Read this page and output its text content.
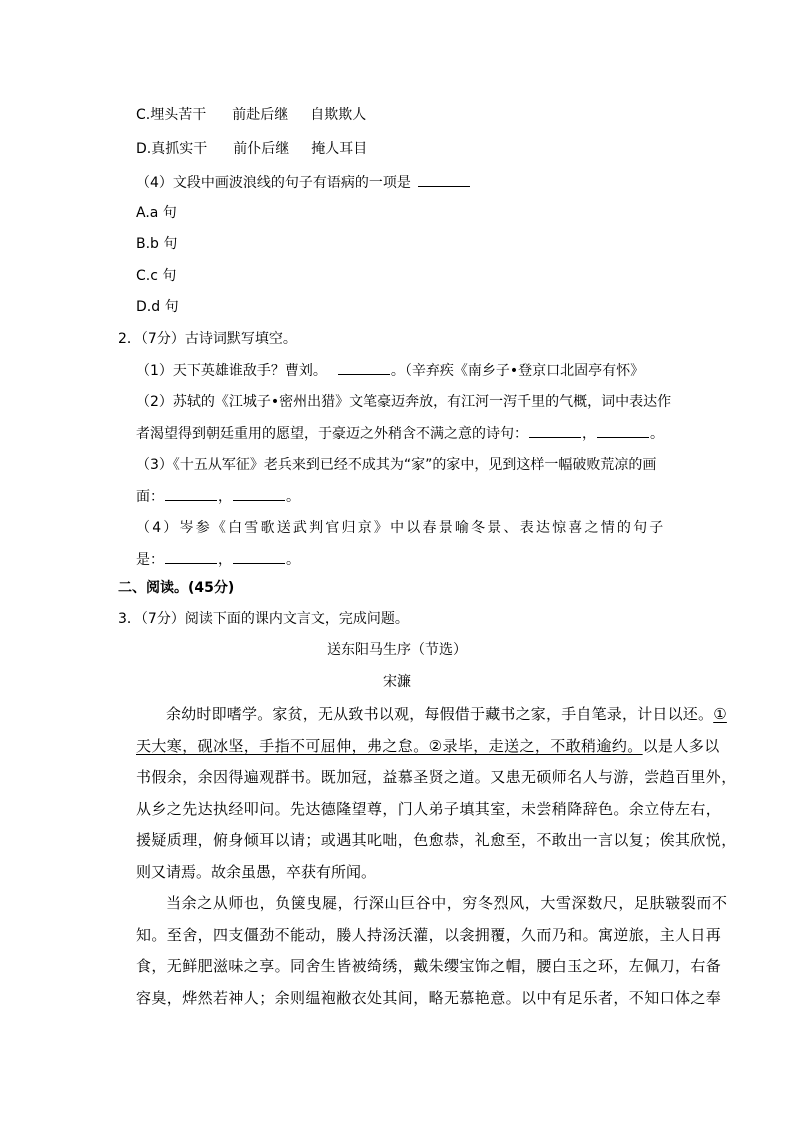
C.埋头苦干 前赴后继 自欺欺人
D.真抓实干 前仆后继 掩人耳目
（4）文段中画波浪线的句子有语病的一项是
A.a 句
B.b 句
C.c 句
D.d 句
2．（7分）古诗词默写填空。
（1）天下英雄谁敌手？曹刘。	。（辛弃疾《南乡子•登京口北固亭有怀》
（2）苏轼的《江城子•密州出猎》文笔豪迈奔放，有江河一泻千里的气概，词中表达作
者渴望得到朝廷重用的愿望，于豪迈之外稍含不满之意的诗句：	，	。
（3）《十五从军征》老兵来到已经不成其为“家”的家中，见到这样一幅破败荒凉的画
面：	，	。
（4）岑参《白雪歌送武判官归京》中以春景喻冬景、表达惊喜之情的句子
是：	，	。
二、阅读。(45分)
3．（7分）阅读下面的课内文言文，完成问题。
送东阳马生序（节选）
宋濂
余幼时即嗜学。家贫，无从致书以观，每假借于藏书之家，手自笔录，计日以还。①
天大寒，砚冰坚，手指不可屈伸，弗之怠。②录毕，走送之，不敢稍逾约。以是人多以
书假余，余因得遍观群书。既加冠，益慕圣贤之道。又患无硕师名人与游，尝趋百里外，
从乡之先达执经叩问。先达德隆望尊，门人弟子填其室，未尝稍降辞色。余立侍左右，
援疑质理，俯身倾耳以请；或遇其叱咄，色愈恭，礼愈至，不敢出一言以复；俟其欣悦，
则又请焉。故余虽愚，卒获有所闻。
当余之从师也，负箧曳屣，行深山巨谷中，穷冬烈风，大雪深数尺，足肤皲裂而不
知。至舍，四支僵劲不能动，媵人持汤沃灌，以衾拥覆，久而乃和。寓逆旅，主人日再
食，无鲜肥滋味之享。同舍生皆被绮绣，戴朱缨宝饰之帽，腰白玉之环，左佩刀，右备
容臭，烨然若神人；余则缊袍敝衣处其间，略无慕艳意。以中有足乐者，不知口体之奉
